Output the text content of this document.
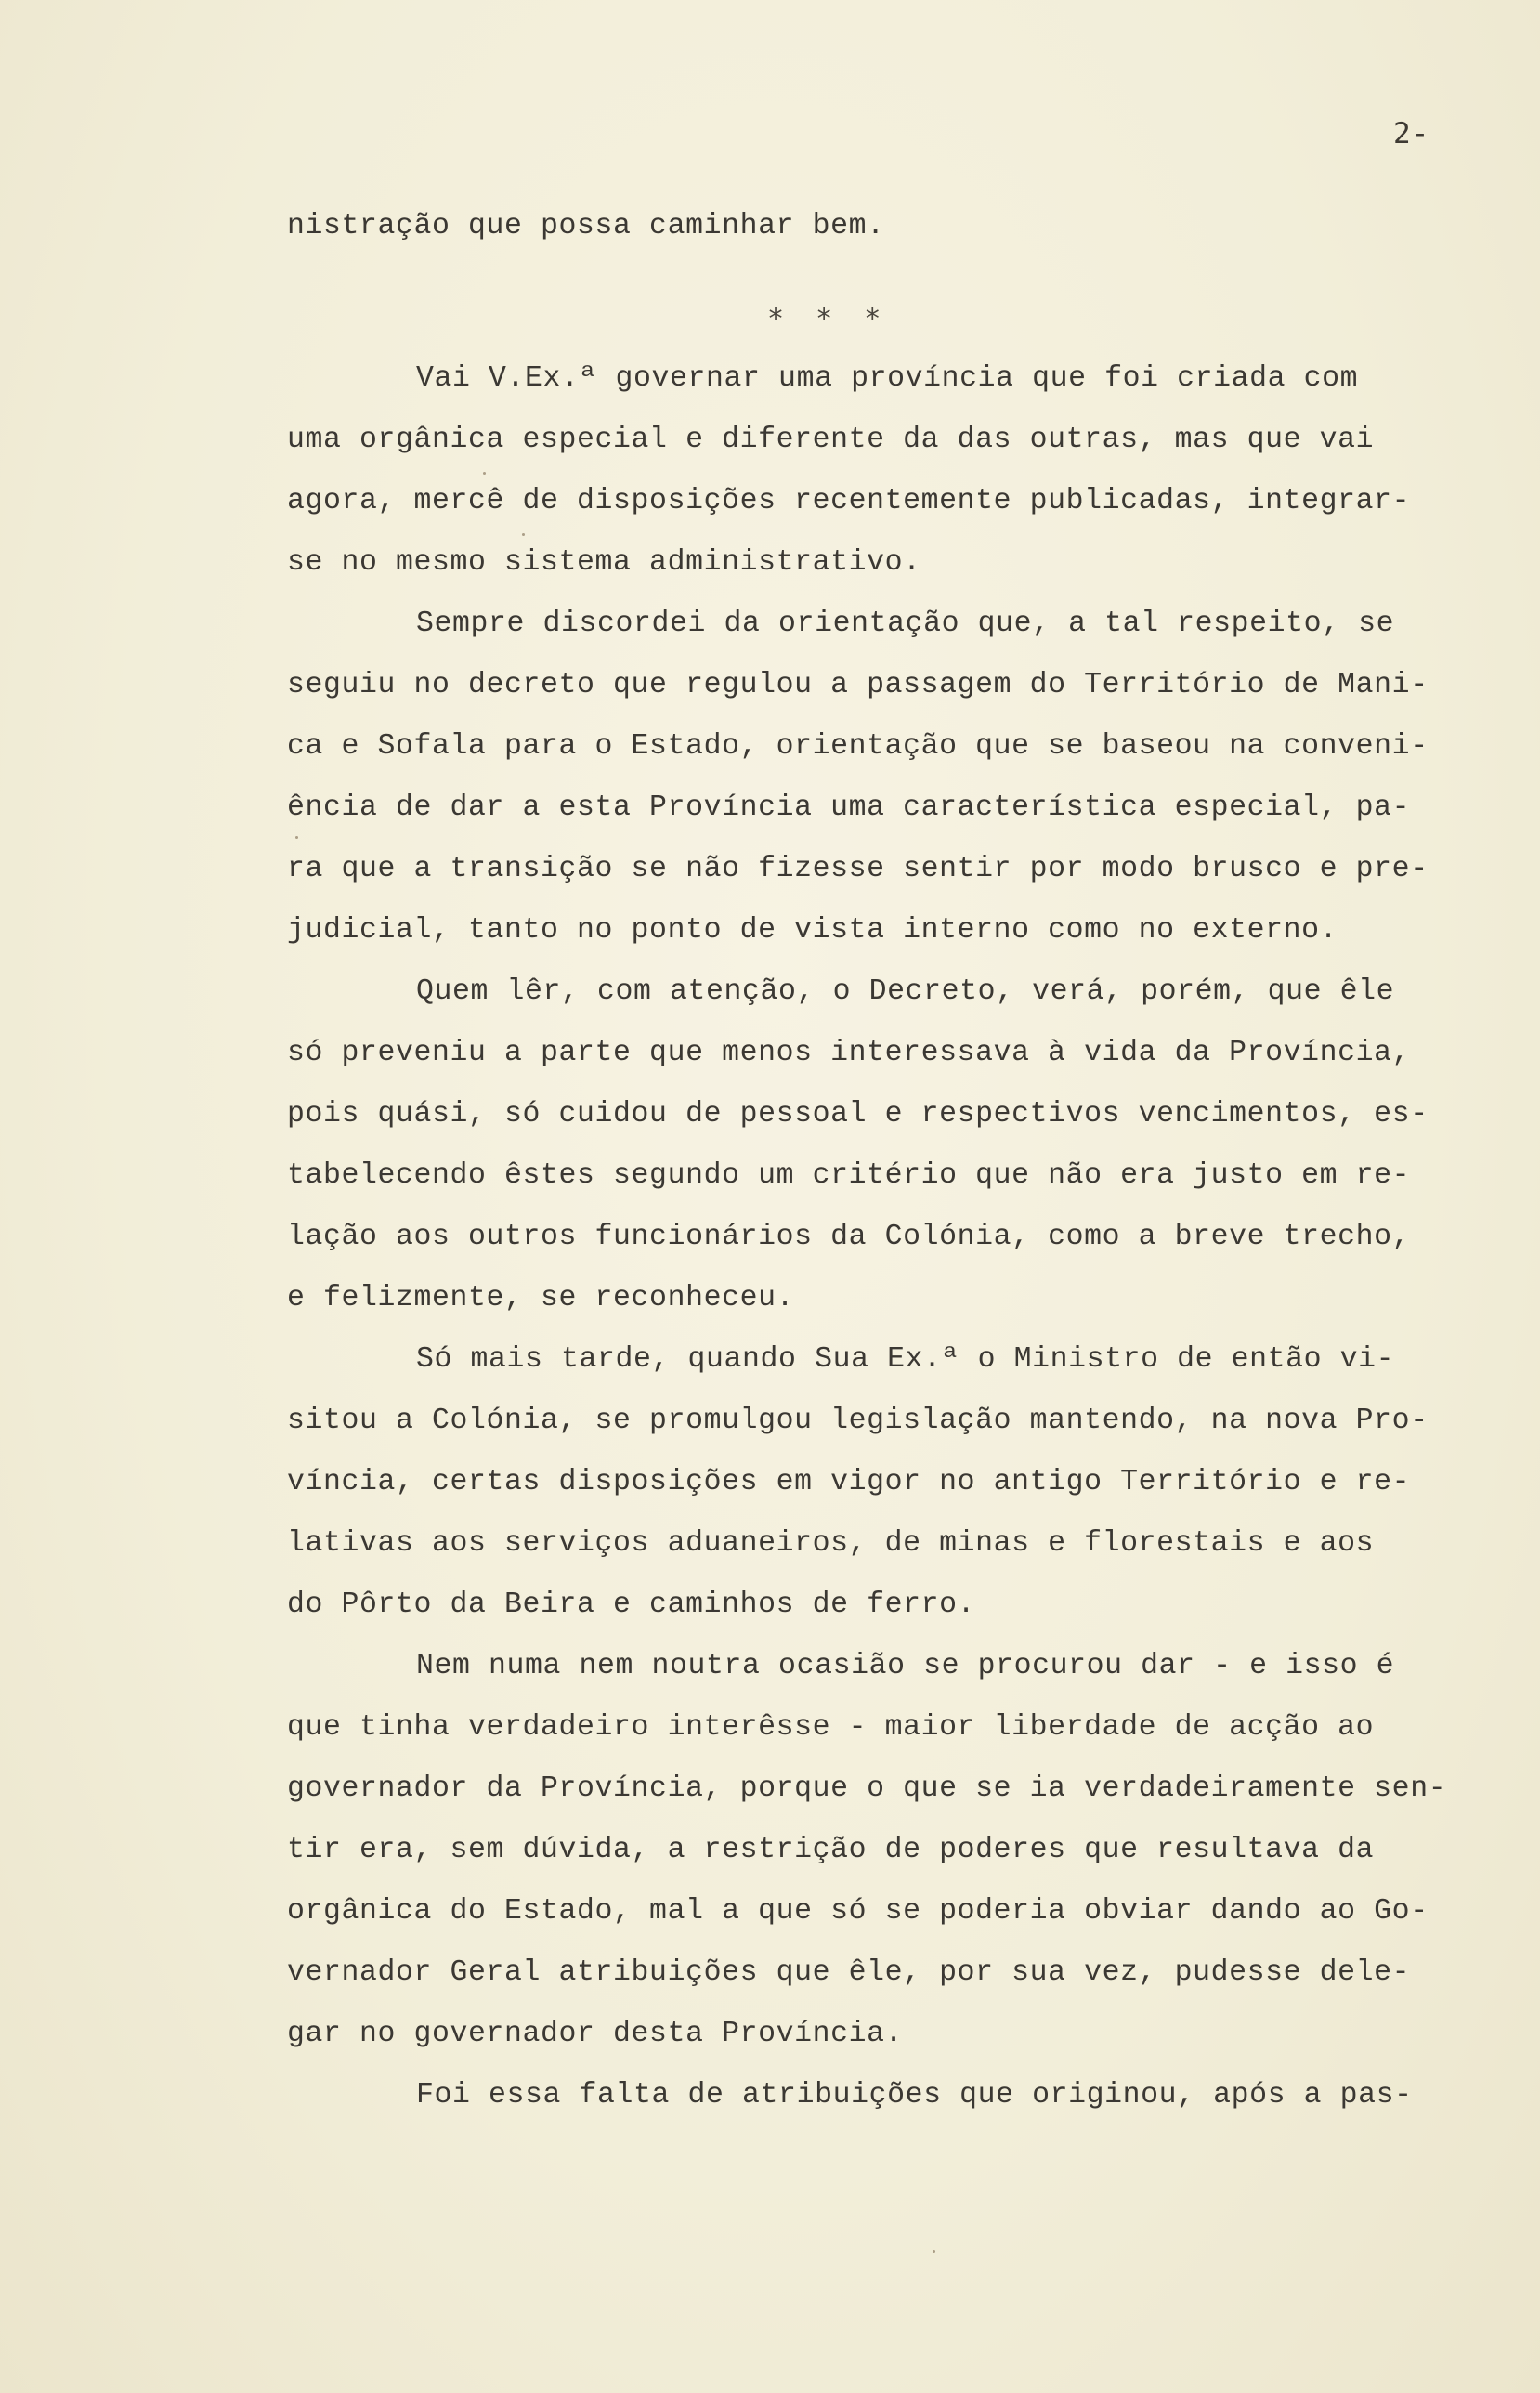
2-
nistração que possa caminhar bem.
* * *
Vai V.Ex.ª governar uma província que foi criada com
uma orgânica especial e diferente da das outras, mas que vai
agora, mercê de disposições recentemente publicadas, integrar-
se no mesmo sistema administrativo.
Sempre discordei da orientação que, a tal respeito, se
seguiu no decreto que regulou a passagem do Território de Mani-
ca e Sofala para o Estado, orientação que se baseou na conveni-
ência de dar a esta Província uma característica especial, pa-
ra que a transição se não fizesse sentir por modo brusco e pre-
judicial, tanto no ponto de vista interno como no externo.
Quem lêr, com atenção, o Decreto, verá, porém, que êle
só preveniu a parte que menos interessava à vida da Província,
pois quási, só cuidou de pessoal e respectivos vencimentos, es-
tabelecendo êstes segundo um critério que não era justo em re-
lação aos outros funcionários da Colónia, como a breve trecho,
e felizmente, se reconheceu.
Só mais tarde, quando Sua Ex.ª o Ministro de então vi-
sitou a Colónia, se promulgou legislação mantendo, na nova Pro-
víncia, certas disposições em vigor no antigo Território e re-
lativas aos serviços aduaneiros, de minas e florestais e aos
do Pôrto da Beira e caminhos de ferro.
Nem numa nem noutra ocasião se procurou dar - e isso é
que tinha verdadeiro interêsse - maior liberdade de acção ao
governador da Província, porque o que se ia verdadeiramente sen-
tir era, sem dúvida, a restrição de poderes que resultava da
orgânica do Estado, mal a que só se poderia obviar dando ao Go-
vernador Geral atribuições que êle, por sua vez, pudesse dele-
gar no governador desta Província.
Foi essa falta de atribuições que originou, após a pas-
